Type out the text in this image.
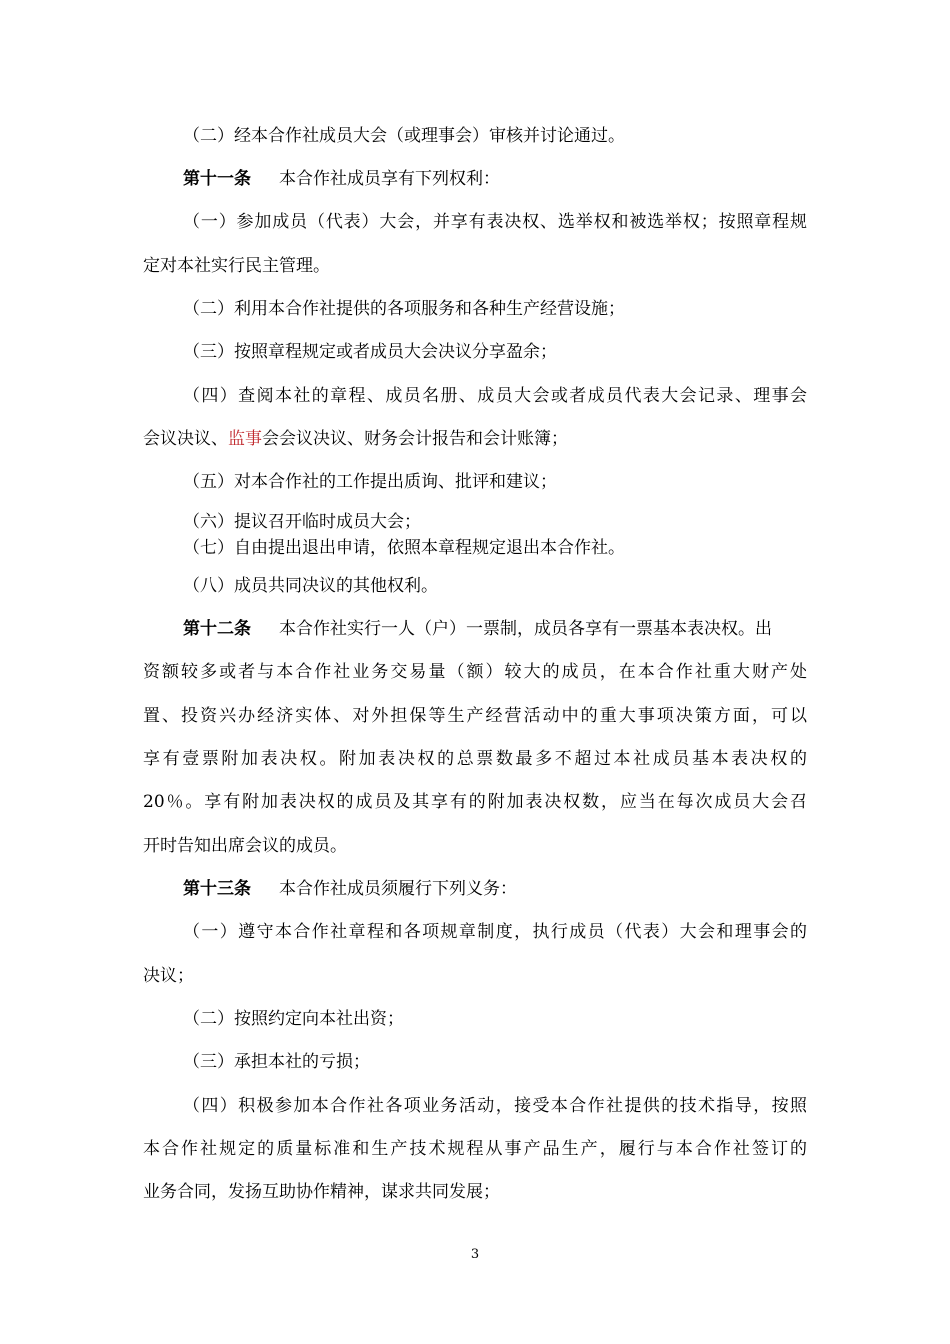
（二）经本合作社成员大会（或理事会）审核并讨论通过。
第十一条 本合作社成员享有下列权利：
（一）参加成员（代表）大会，并享有表决权、选举权和被选举权；按照章程规
定对本社实行民主管理。
（二）利用本合作社提供的各项服务和各种生产经营设施；
（三）按照章程规定或者成员大会决议分享盈余；
（四）查阅本社的章程、成员名册、成员大会或者成员代表大会记录、理事会
会议决议、监事会会议决议、财务会计报告和会计账簿；
（五）对本合作社的工作提出质询、批评和建议；
（六）提议召开临时成员大会；
（七）自由提出退出申请，依照本章程规定退出本合作社。
（八）成员共同决议的其他权利。
第十二条 本合作社实行一人（户）一票制，成员各享有一票基本表决权。出
资额较多或者与本合作社业务交易量（额）较大的成员，在本合作社重大财产处
置、投资兴办经济实体、对外担保等生产经营活动中的重大事项决策方面，可以
享有壹票附加表决权。附加表决权的总票数最多不超过本社成员基本表决权的
20％。享有附加表决权的成员及其享有的附加表决权数，应当在每次成员大会召
开时告知出席会议的成员。
第十三条 本合作社成员须履行下列义务：
（一）遵守本合作社章程和各项规章制度，执行成员（代表）大会和理事会的
决议；
（二）按照约定向本社出资；
（三）承担本社的亏损；
（四）积极参加本合作社各项业务活动，接受本合作社提供的技术指导，按照
本合作社规定的质量标准和生产技术规程从事产品生产，履行与本合作社签订的
业务合同，发扬互助协作精神，谋求共同发展；
3
